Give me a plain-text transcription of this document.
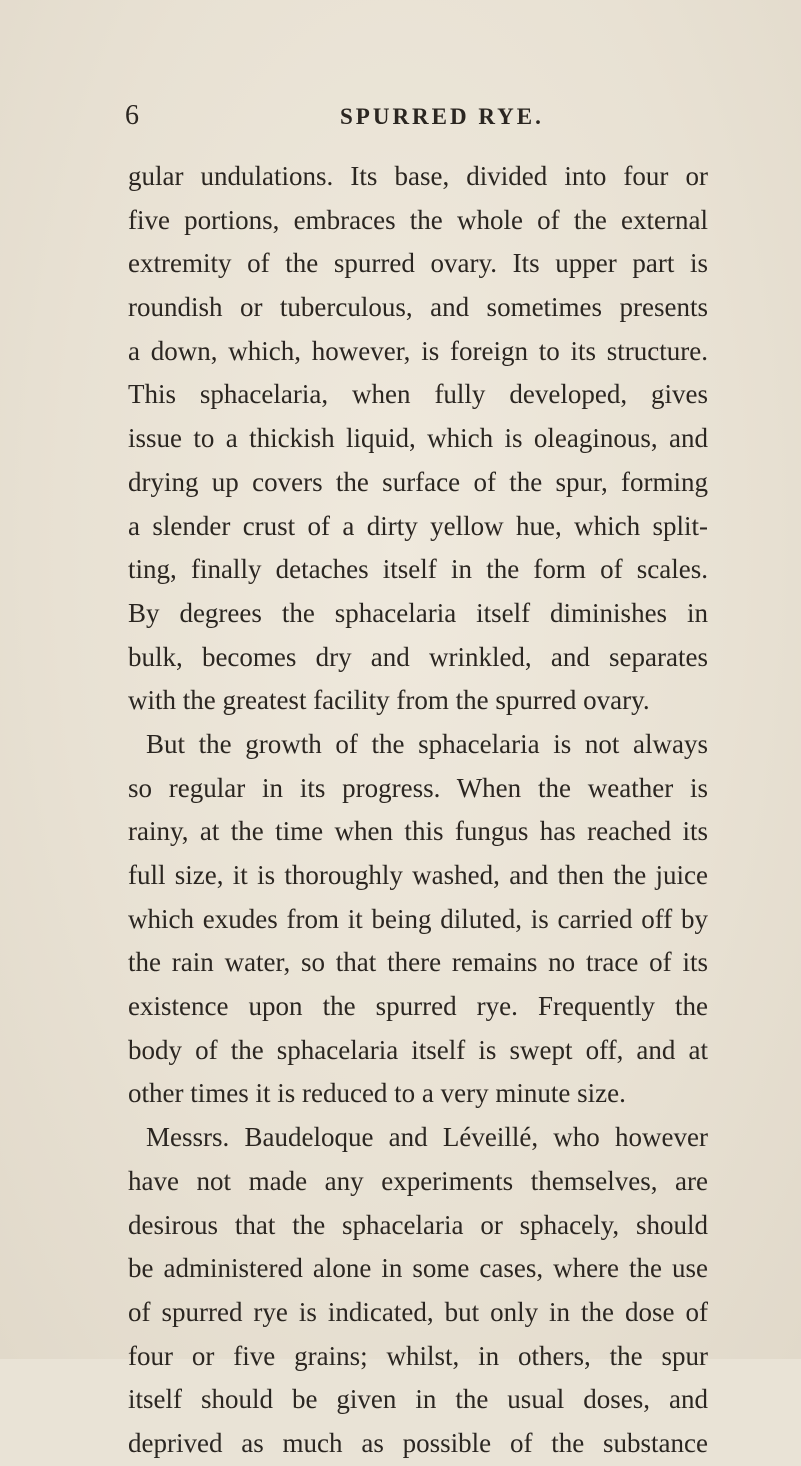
6	SPURRED RYE.
gular undulations. Its base, divided into four or
five portions, embraces the whole of the external
extremity of the spurred ovary. Its upper part is
roundish or tuberculous, and sometimes presents
a down, which, however, is foreign to its structure.
This sphacelaria, when fully developed, gives
issue to a thickish liquid, which is oleaginous, and
drying up covers the surface of the spur, forming
a slender crust of a dirty yellow hue, which split-
ting, finally detaches itself in the form of scales.
By degrees the sphacelaria itself diminishes in
bulk, becomes dry and wrinkled, and separates
with the greatest facility from the spurred ovary.
But the growth of the sphacelaria is not always
so regular in its progress. When the weather is
rainy, at the time when this fungus has reached its
full size, it is thoroughly washed, and then the juice
which exudes from it being diluted, is carried off by
the rain water, so that there remains no trace of its
existence upon the spurred rye. Frequently the
body of the sphacelaria itself is swept off, and at
other times it is reduced to a very minute size.
Messrs. Baudeloque and Léveillé, who however
have not made any experiments themselves, are
desirous that the sphacelaria or sphacely, should
be administered alone in some cases, where the use
of spurred rye is indicated, but only in the dose of
four or five grains; whilst, in others, the spur
itself should be given in the usual doses, and
deprived as much as possible of the substance
